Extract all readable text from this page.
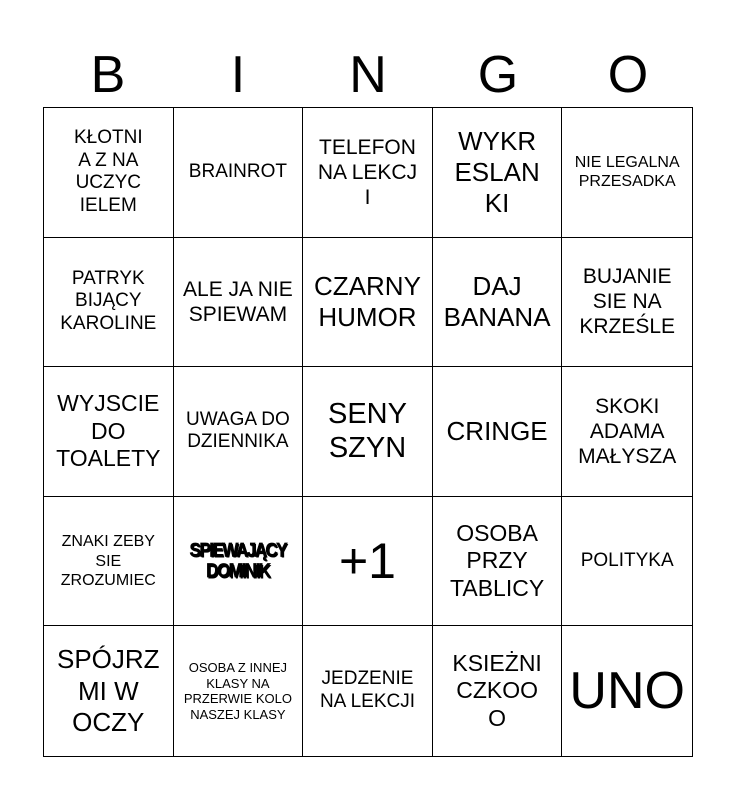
B	I	N	G	O
KŁOTNIA Z NAUCZYCIELEM
BRAINROT
TELEFON NA LEKCJI
WYKRESLANKI
NIE LEGALNA PRZESADKA
PATRYK BIJĄCY KAROLINE
ALE JA NIE SPIEWAM
CZARNY HUMOR
DAJ BANANA
BUJANIE SIE NA KRZEŚLE
WYJSCIE DO TOALETY
UWAGA DO DZIENNIKA
SENYSZYN
CRINGE
SKOKI ADAMA MAŁYSZA
ZNAKI ZEBY SIE ZROZUMIEC
SPIEWAJĄCY DOMINIK	+1
OSOBA PRZY TABLICY
POLITYKA
SPÓJRZ MI W OCZY
OSOBA Z INNEJ KLASY NA PRZERWIE KOLO NASZEJ KLASY
JEDZENIE NA LEKCJI
KSIEŻNICZKOOO	UNO
